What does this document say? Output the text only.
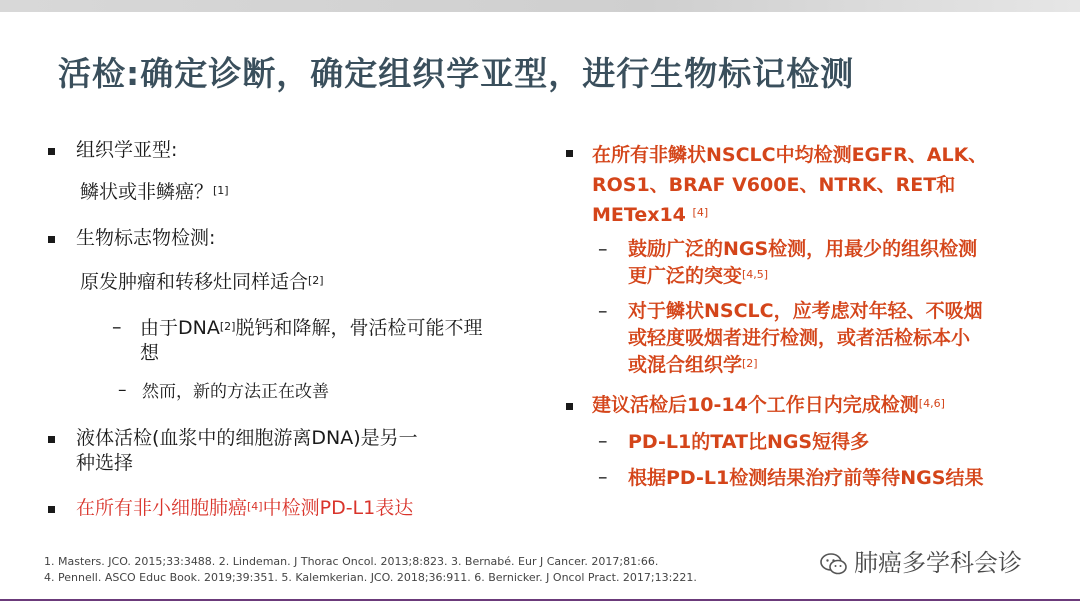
活检:确定诊断，确定组织学亚型，进行生物标记检测
组织学亚型:
鳞状或非鳞癌？[1]
生物标志物检测:
原发肿瘤和转移灶同样适合[2]
– 由于DNA[2]脱钙和降解，骨活检可能不理
想
– 然而，新的方法正在改善
液体活检(血浆中的细胞游离DNA)是另一
种选择
在所有非小细胞肺癌[4]中检测PD-L1表达
在所有非鳞状NSCLC中均检测EGFR、ALK、
ROS1、BRAF V600E、NTRK、RET和
METex14 [4]
– 鼓励广泛的NGS检测，用最少的组织检测
更广泛的突变[4,5]
– 对于鳞状NSCLC，应考虑对年轻、不吸烟
或轻度吸烟者进行检测，或者活检标本小
或混合组织学[2]
建议活检后10-14个工作日内完成检测[4,6]
– PD-L1的TAT比NGS短得多
– 根据PD-L1检测结果治疗前等待NGS结果
1. Masters. JCO. 2015;33:3488. 2. Lindeman. J Thorac Oncol. 2013;8:823. 3. Bernabé. Eur J Cancer. 2017;81:66.
4. Pennell. ASCO Educ Book. 2019;39:351. 5. Kalemkerian. JCO. 2018;36:911. 6. Bernicker. J Oncol Pract. 2017;13:221.
肺癌多学科会诊
